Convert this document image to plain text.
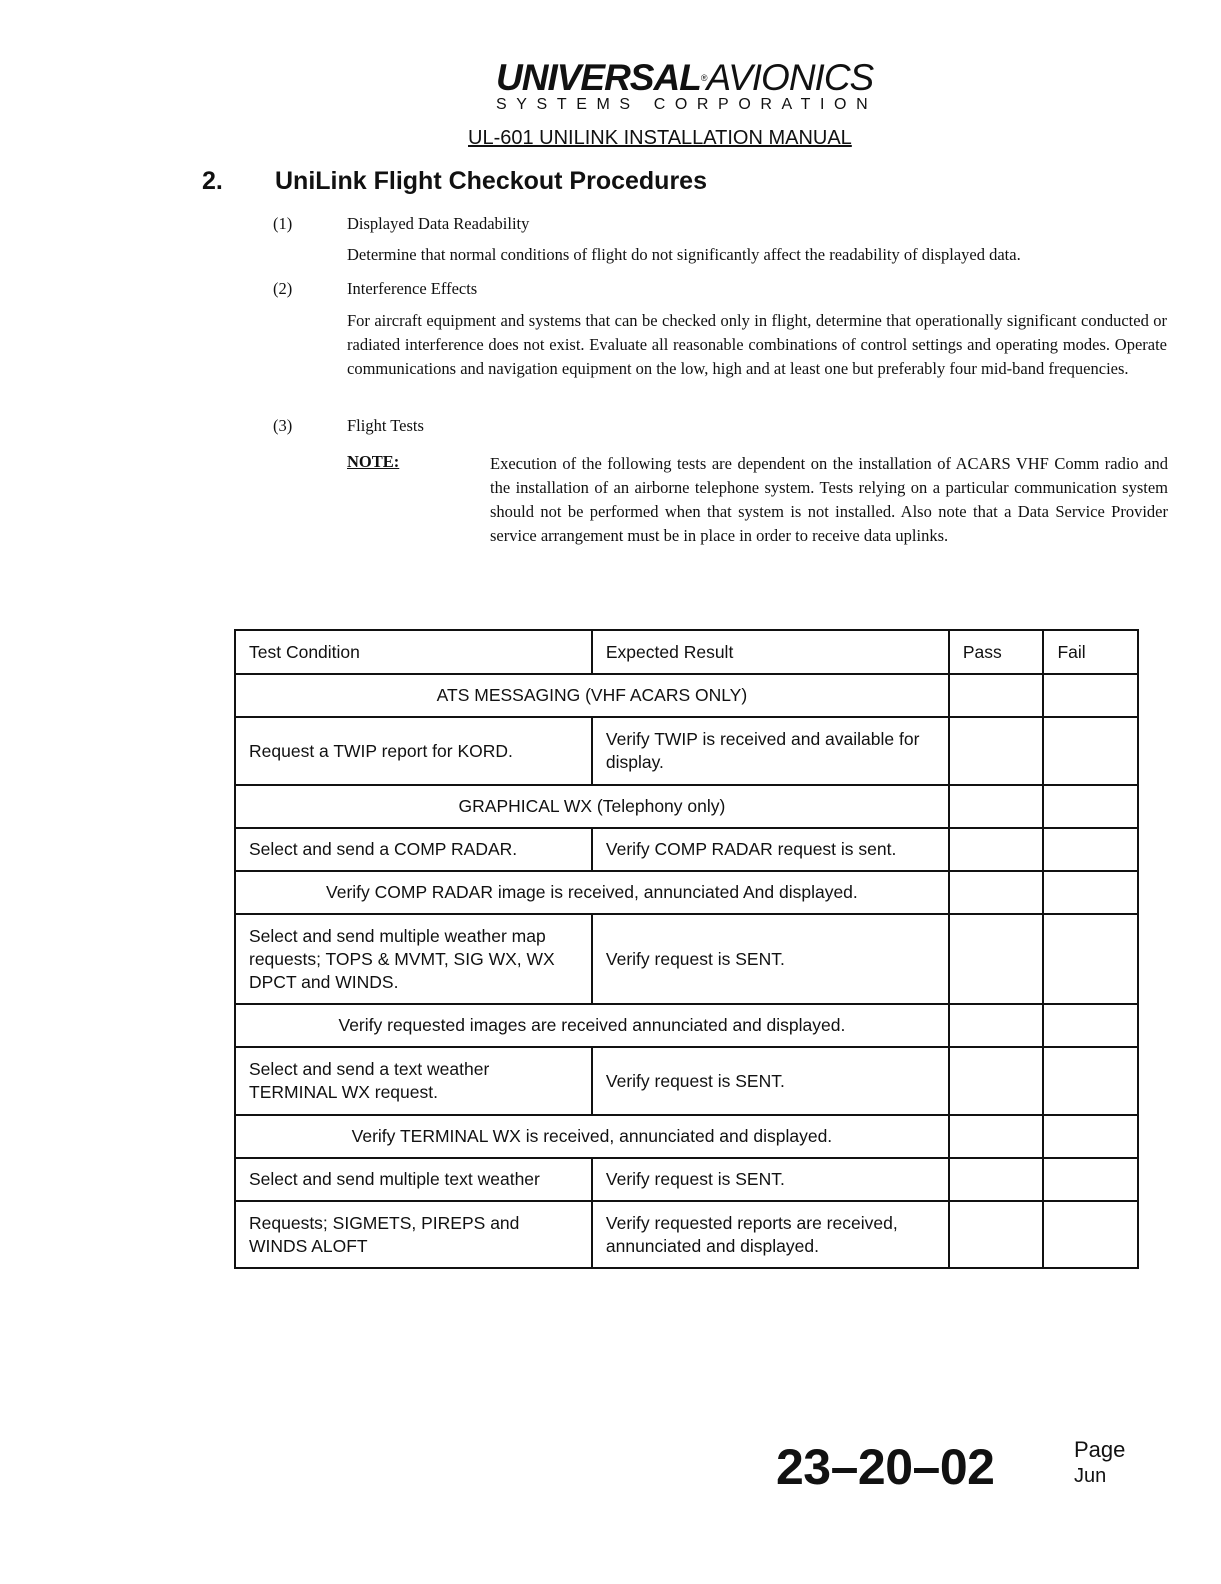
UNIVERSAL®AVIONICS
SYSTEMS CORPORATION
UL-601 UNILINK INSTALLATION MANUAL
2. UniLink Flight Checkout Procedures
(1)	Displayed Data Readability
Determine that normal conditions of flight do not significantly affect the readability of displayed data.
(2)	Interference Effects
For aircraft equipment and systems that can be checked only in flight, determine that operationally significant conducted or radiated interference does not exist. Evaluate all reasonable combinations of control settings and operating modes. Operate communications and navigation equipment on the low, high and at least one but preferably four mid-band frequencies.
(3)	Flight Tests
NOTE:	Execution of the following tests are dependent on the installation of ACARS VHF Comm radio and the installation of an airborne telephone system. Tests relying on a particular communication system should not be performed when that system is not installed. Also note that a Data Service Provider service arrangement must be in place in order to receive data uplinks.
Test Condition	Expected Result	Pass	Fail
ATS MESSAGING (VHF ACARS ONLY)			
Request a TWIP report for KORD.	Verify TWIP is received and available for display.		
GRAPHICAL WX (Telephony only)			
Select and send a COMP RADAR.	Verify COMP RADAR request is sent.		
Verify COMP RADAR image is received, annunciated And displayed.			
Select and send multiple weather map requests; TOPS & MVMT, SIG WX, WX DPCT and WINDS.	Verify request is SENT.		
Verify requested images are received annunciated and displayed.			
Select and send a text weather TERMINAL WX request.	Verify request is SENT.		
Verify TERMINAL WX is received, annunciated and displayed.			
Select and send multiple text weather	Verify request is SENT.		
Requests; SIGMETS, PIREPS and WINDS ALOFT	Verify requested reports are received, annunciated and displayed.		
23–20–02	Page
Jun
